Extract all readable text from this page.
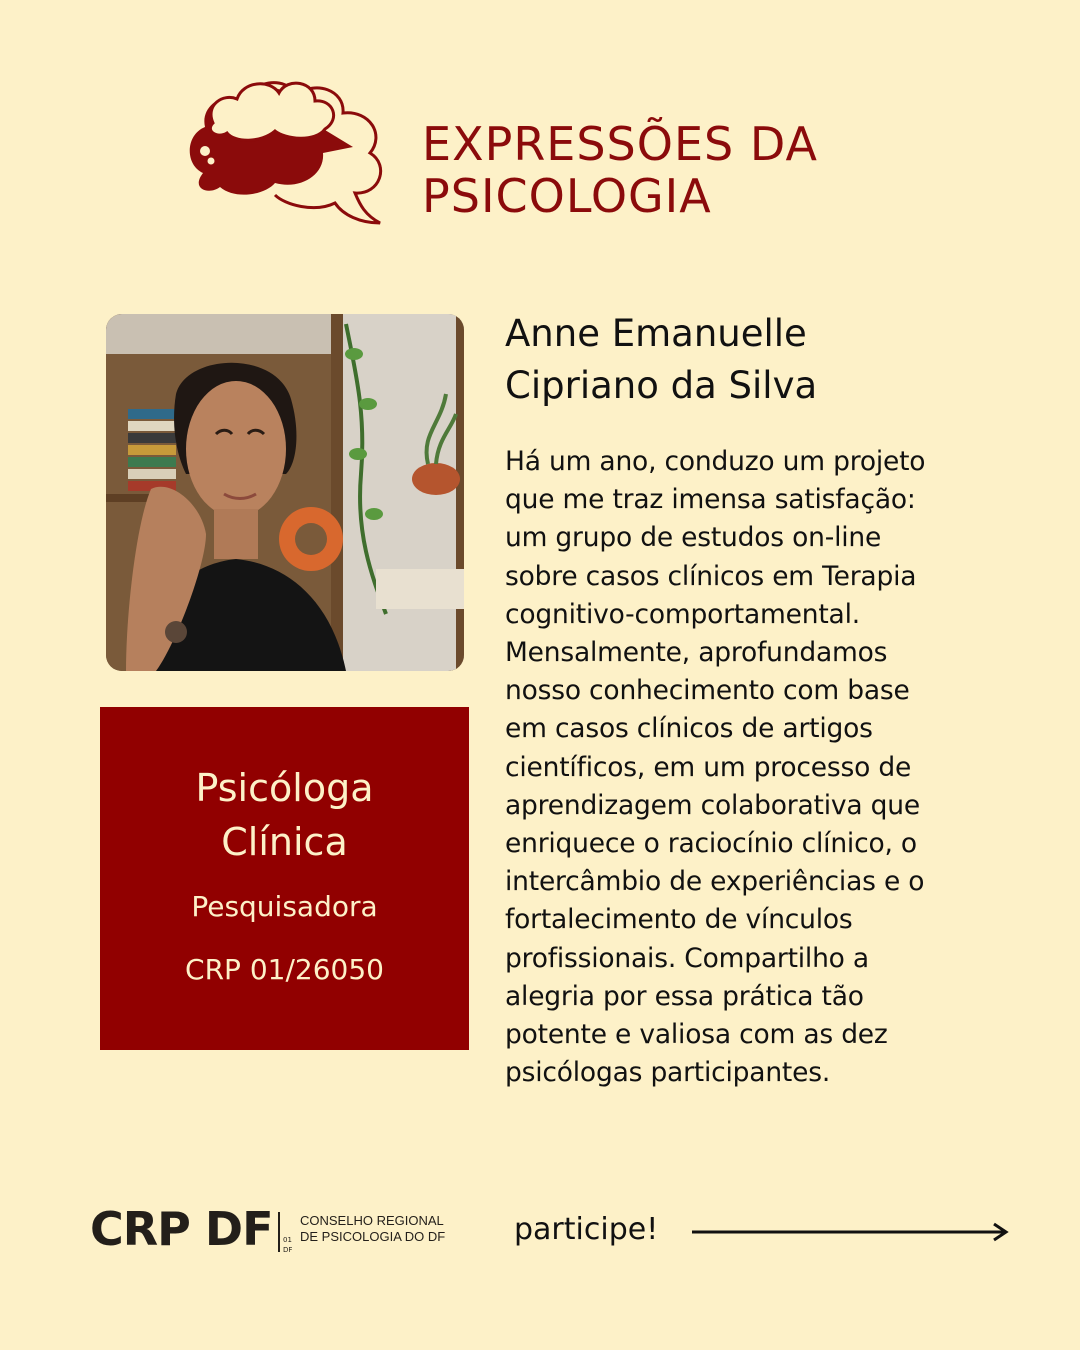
EXPRESSÕES DA
PSICOLOGIA
Psicóloga
Clínica
Pesquisadora
CRP 01/26050
Anne Emanuelle
Cipriano da Silva

Há um ano, conduzo um projeto
que me traz imensa satisfação:
um grupo de estudos on-line
sobre casos clínicos em Terapia
cognitivo-comportamental.
Mensalmente, aprofundamos
nosso conhecimento com base
em casos clínicos de artigos
científicos, em um processo de
aprendizagem colaborativa que
enriquece o raciocínio clínico, o
intercâmbio de experiências e o
fortalecimento de vínculos
profissionais. Compartilho a
alegria por essa prática tão
potente e valiosa com as dez
psicólogas participantes.

CRP DF 01
DF
CONSELHO REGIONAL
DE PSICOLOGIA DO DF participe!
